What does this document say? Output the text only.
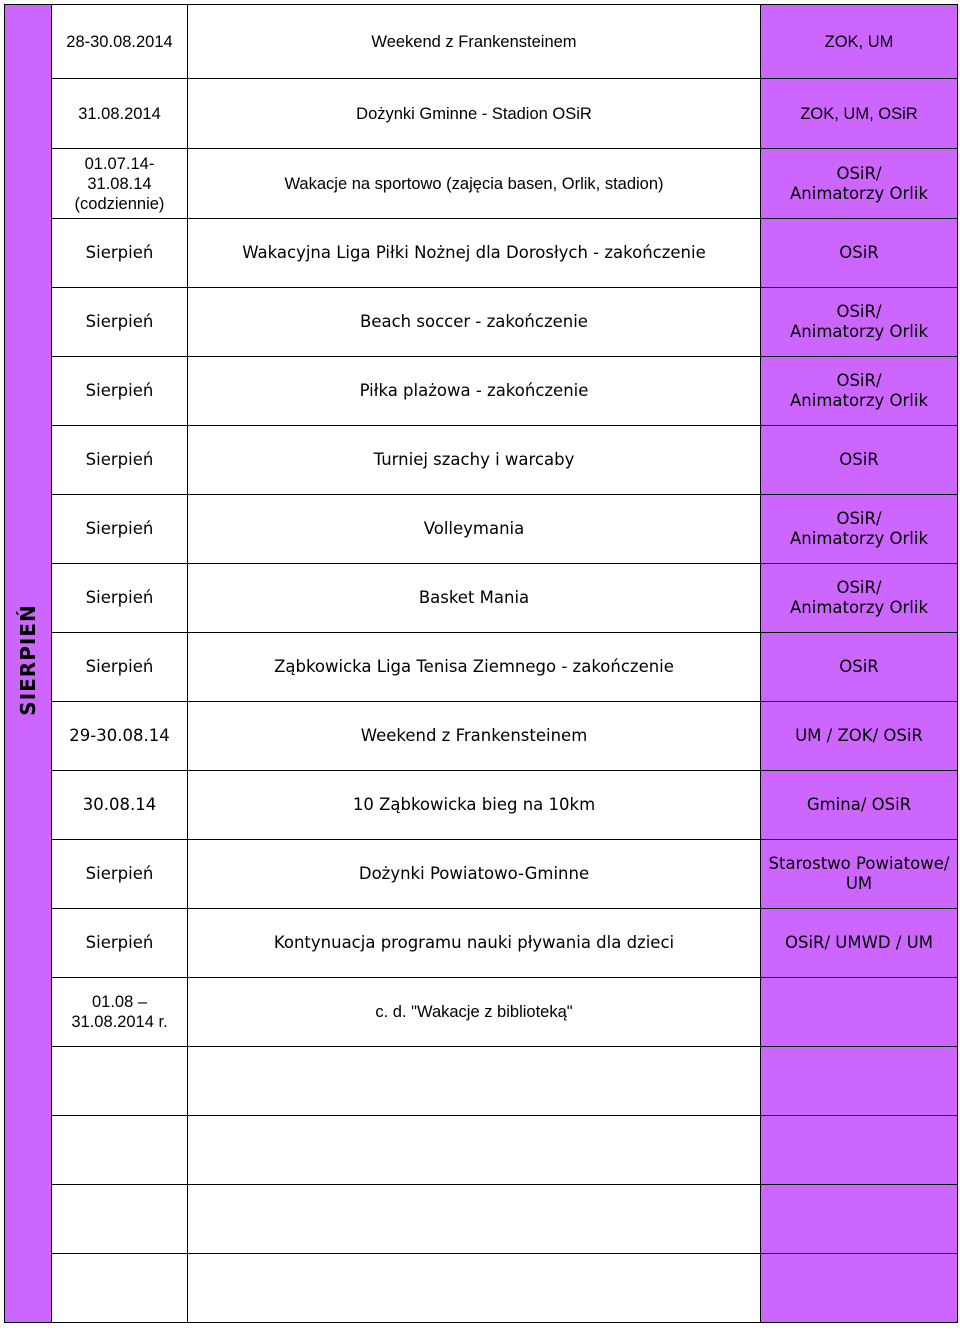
SIERPIEŃ	28-30.08.2014	Weekend z Frankensteinem	ZOK, UM
	31.08.2014	Dożynki Gminne - Stadion OSiR	ZOK, UM, OSiR
	01.07.14-
31.08.14
(codziennie)	Wakacje na sportowo (zajęcia basen, Orlik, stadion)	OSiR/
Animatorzy Orlik
	Sierpień	Wakacyjna Liga Piłki Nożnej dla Dorosłych - zakończenie	OSiR
	Sierpień	Beach soccer - zakończenie	OSiR/
Animatorzy Orlik
	Sierpień	Piłka plażowa - zakończenie	OSiR/
Animatorzy Orlik
	Sierpień	Turniej szachy i warcaby	OSiR
	Sierpień	Volleymania	OSiR/
Animatorzy Orlik
	Sierpień	Basket Mania	OSiR/
Animatorzy Orlik
	Sierpień	Ząbkowicka Liga Tenisa Ziemnego - zakończenie	OSiR
	29-30.08.14	Weekend z Frankensteinem	UM / ZOK/ OSiR
	30.08.14	10 Ząbkowicka bieg na 10km	Gmina/ OSiR
	Sierpień	Dożynki Powiatowo-Gminne	Starostwo Powiatowe/
UM
	Sierpień	Kontynuacja programu nauki pływania dla dzieci	OSiR/ UMWD / UM
	01.08 –
31.08.2014 r.	c. d. "Wakacje z biblioteką"	
